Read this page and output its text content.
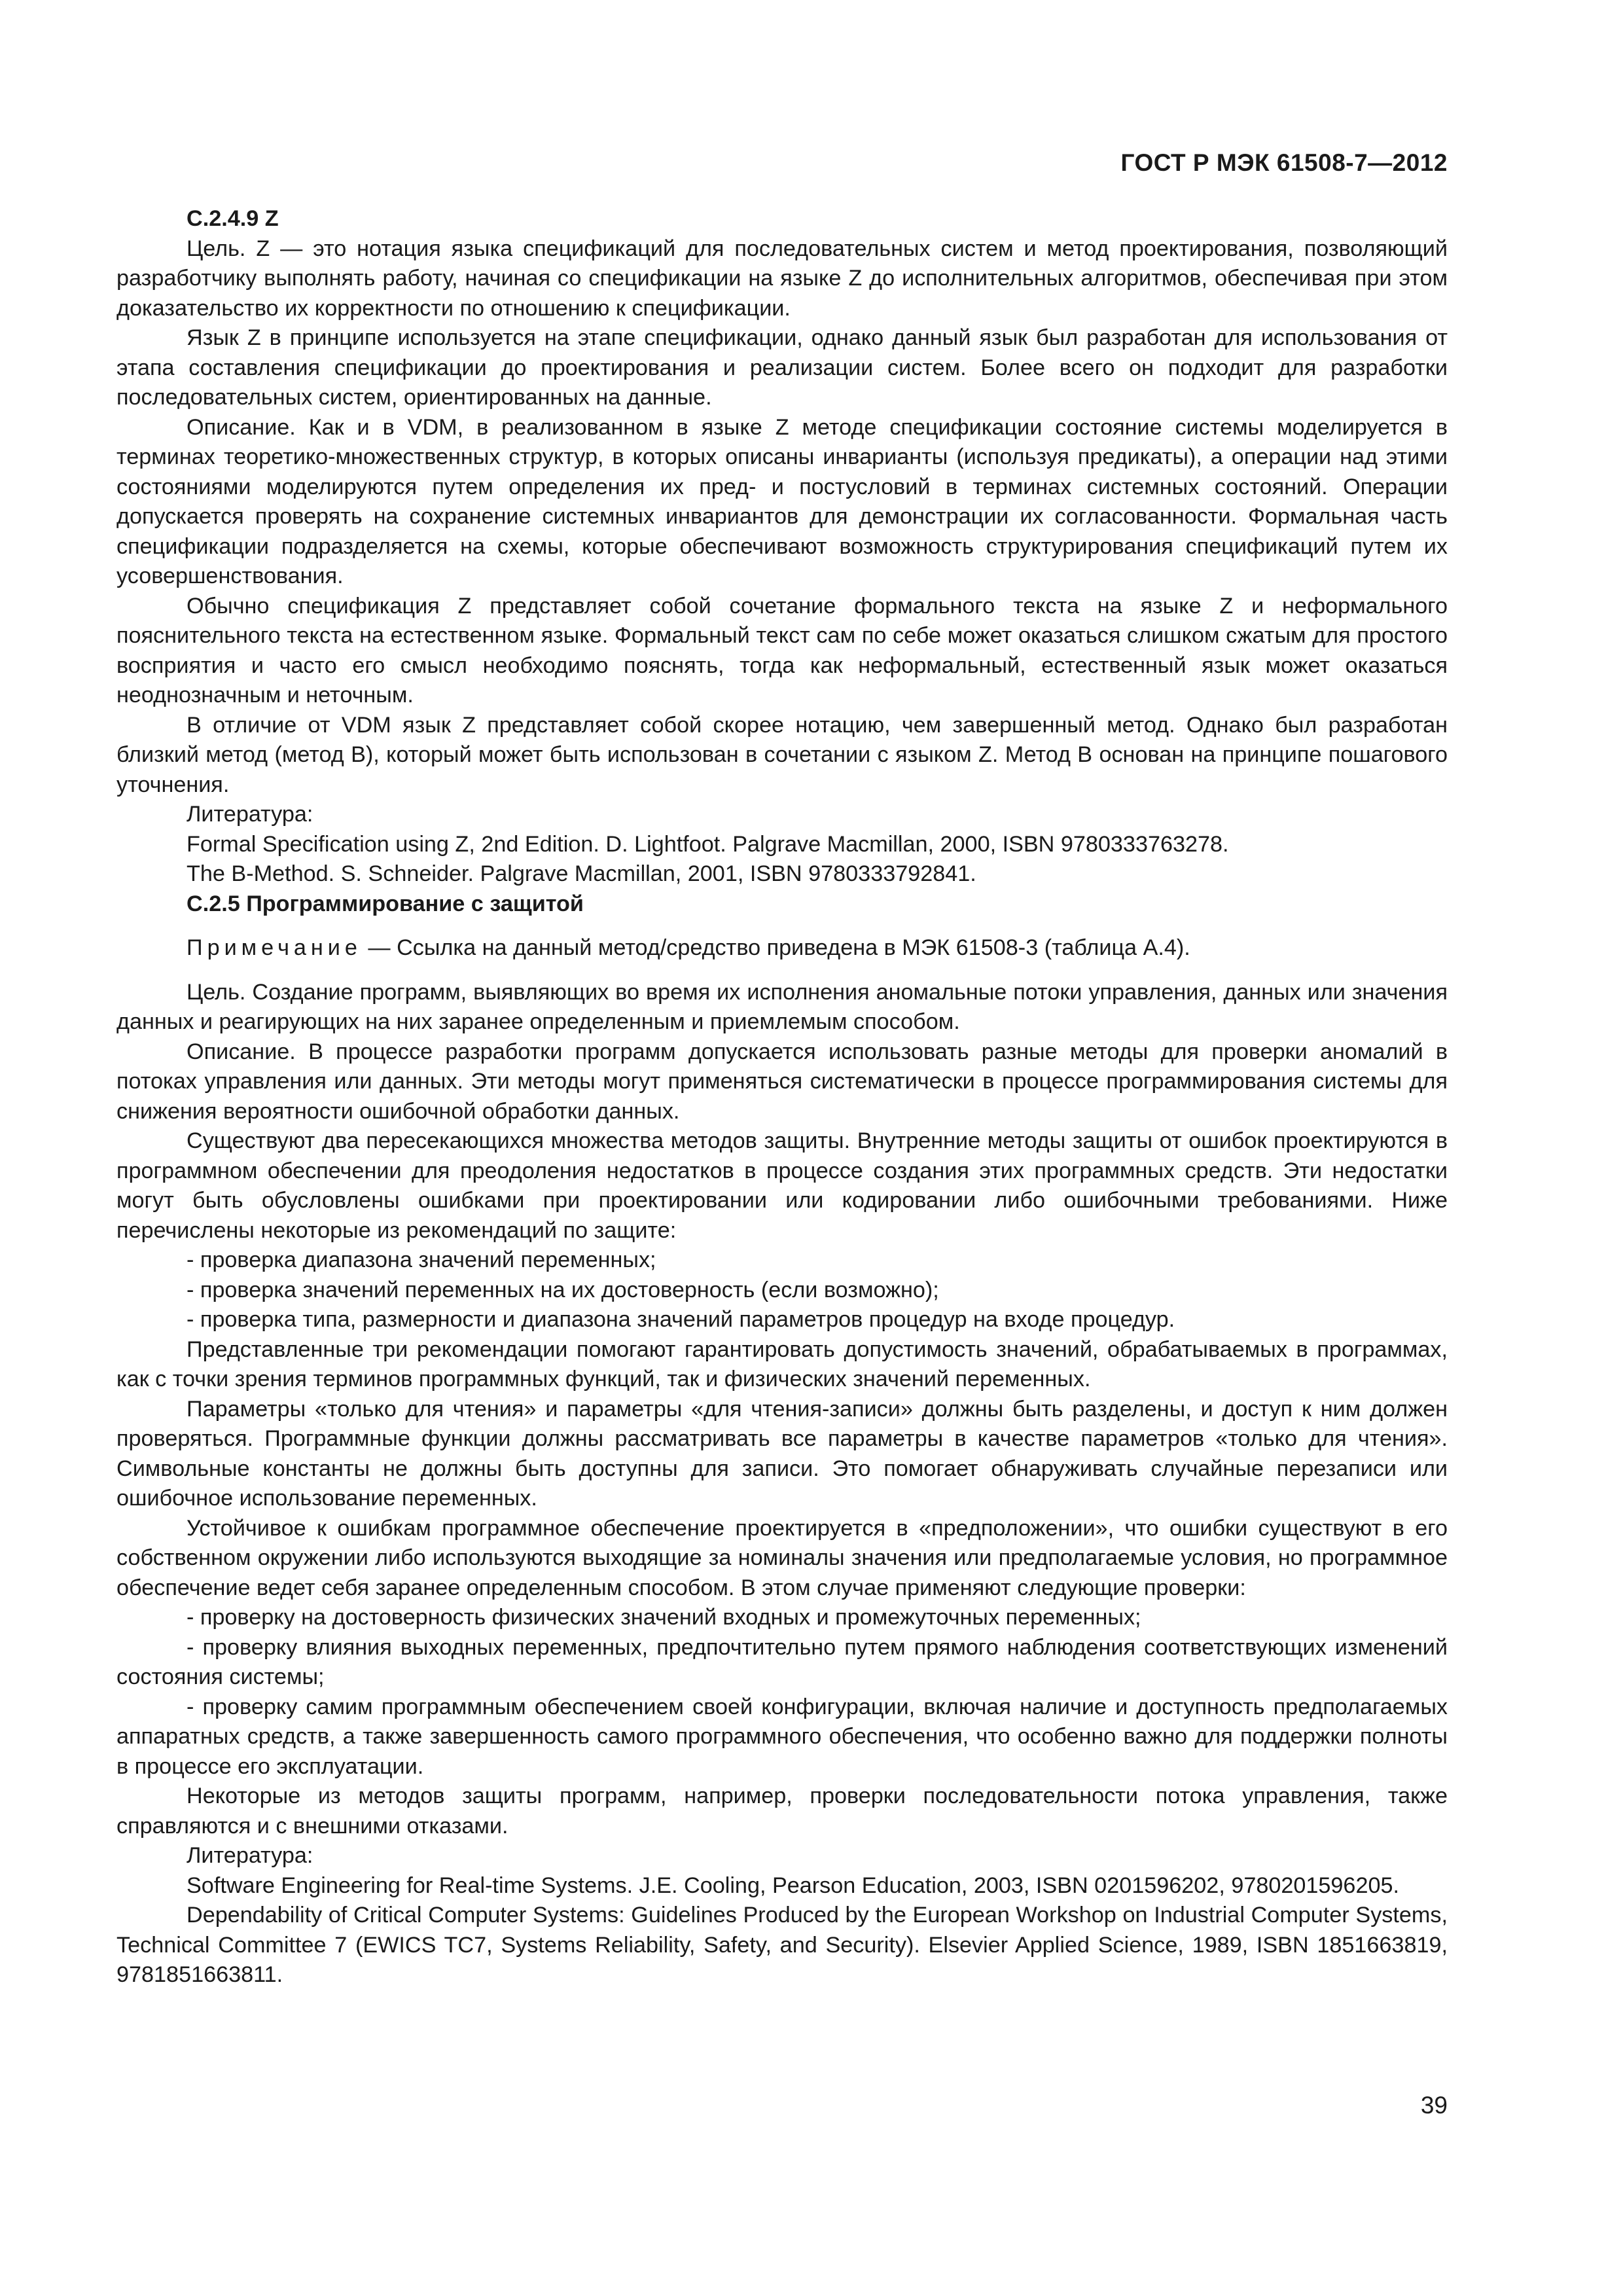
ГОСТ Р МЭК 61508-7—2012

С.2.4.9 Z

Цель. Z — это нотация языка спецификаций для последовательных систем и метод проектирования, позволяющий разработчику выполнять работу, начиная со спецификации на языке Z до исполнительных алгоритмов, обеспечивая при этом доказательство их корректности по отношению к спецификации.

Язык Z в принципе используется на этапе спецификации, однако данный язык был разработан для использования от этапа составления спецификации до проектирования и реализации систем. Более всего он подходит для разработки последовательных систем, ориентированных на данные.

Описание. Как и в VDM, в реализованном в языке Z методе спецификации состояние системы моделируется в терминах теоретико-множественных структур, в которых описаны инварианты (используя предикаты), а операции над этими состояниями моделируются путем определения их пред- и постусловий в терминах системных состояний. Операции допускается проверять на сохранение системных инвариантов для демонстрации их согласованности. Формальная часть спецификации подразделяется на схемы, которые обеспечивают возможность структурирования спецификаций путем их усовершенствования.

Обычно спецификация Z представляет собой сочетание формального текста на языке Z и неформального пояснительного текста на естественном языке. Формальный текст сам по себе может оказаться слишком сжатым для простого восприятия и часто его смысл необходимо пояснять, тогда как неформальный, естественный язык может оказаться неоднозначным и неточным.

В отличие от VDM язык Z представляет собой скорее нотацию, чем завершенный метод. Однако был разработан близкий метод (метод В), который может быть использован в сочетании с языком Z. Метод В основан на принципе пошагового уточнения.

Литература:

Formal Specification using Z, 2nd Edition. D. Lightfoot. Palgrave Macmillan, 2000, ISBN 9780333763278.

The B-Method. S. Schneider. Palgrave Macmillan, 2001, ISBN 9780333792841.

С.2.5 Программирование с защитой

Примечание — Ссылка на данный метод/средство приведена в МЭК 61508-3 (таблица А.4).

Цель. Создание программ, выявляющих во время их исполнения аномальные потоки управления, данных или значения данных и реагирующих на них заранее определенным и приемлемым способом.

Описание. В процессе разработки программ допускается использовать разные методы для проверки аномалий в потоках управления или данных. Эти методы могут применяться систематически в процессе программирования системы для снижения вероятности ошибочной обработки данных.

Существуют два пересекающихся множества методов защиты. Внутренние методы защиты от ошибок проектируются в программном обеспечении для преодоления недостатков в процессе создания этих программных средств. Эти недостатки могут быть обусловлены ошибками при проектировании или кодировании либо ошибочными требованиями. Ниже перечислены некоторые из рекомендаций по защите:

- проверка диапазона значений переменных;

- проверка значений переменных на их достоверность (если возможно);

- проверка типа, размерности и диапазона значений параметров процедур на входе процедур.

Представленные три рекомендации помогают гарантировать допустимость значений, обрабатываемых в программах, как с точки зрения терминов программных функций, так и физических значений переменных.

Параметры «только для чтения» и параметры «для чтения-записи» должны быть разделены, и доступ к ним должен проверяться. Программные функции должны рассматривать все параметры в качестве параметров «только для чтения». Символьные константы не должны быть доступны для записи. Это помогает обнаруживать случайные перезаписи или ошибочное использование переменных.

Устойчивое к ошибкам программное обеспечение проектируется в «предположении», что ошибки существуют в его собственном окружении либо используются выходящие за номиналы значения или предполагаемые условия, но программное обеспечение ведет себя заранее определенным способом. В этом случае применяют следующие проверки:

- проверку на достоверность физических значений входных и промежуточных переменных;

- проверку влияния выходных переменных, предпочтительно путем прямого наблюдения соответствующих изменений состояния системы;

- проверку самим программным обеспечением своей конфигурации, включая наличие и доступность предполагаемых аппаратных средств, а также завершенность самого программного обеспечения, что особенно важно для поддержки полноты в процессе его эксплуатации.

Некоторые из методов защиты программ, например, проверки последовательности потока управления, также справляются и с внешними отказами.

Литература:

Software Engineering for Real-time Systems. J.E. Cooling, Pearson Education, 2003, ISBN 0201596202, 9780201596205.

Dependability of Critical Computer Systems: Guidelines Produced by the European Workshop on Industrial Computer Systems, Technical Committee 7 (EWICS TC7, Systems Reliability, Safety, and Security). Elsevier Applied Science, 1989, ISBN 1851663819, 9781851663811.

39
